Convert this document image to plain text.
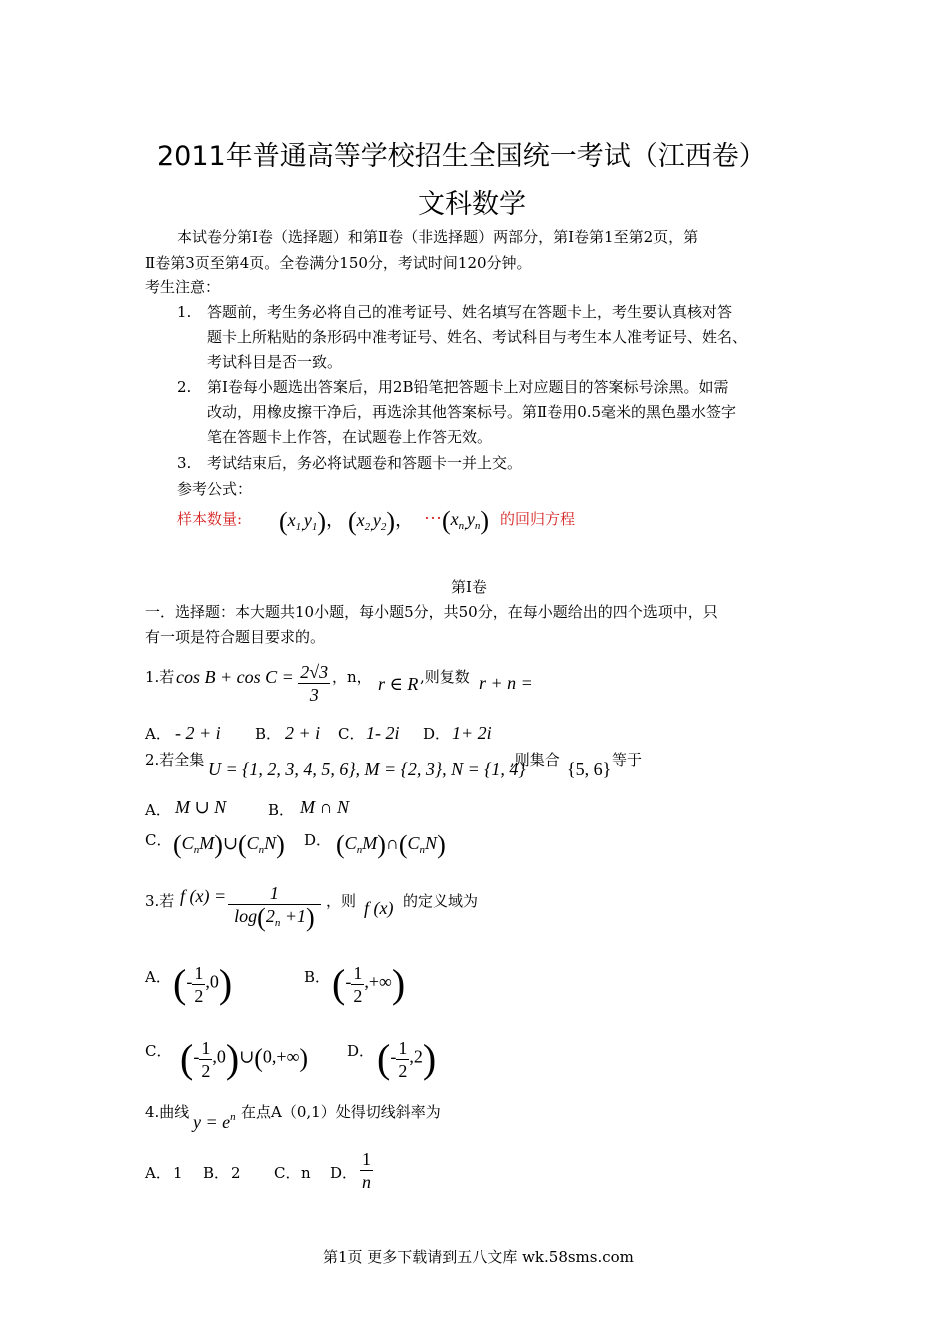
2011年普通高等学校招生全国统一考试（江西卷）
文科数学
本试卷分第Ⅰ卷（选择题）和第Ⅱ卷（非选择题）两部分，第Ⅰ卷第1至第2页，第
Ⅱ卷第3页至第4页。全卷满分150分，考试时间120分钟。
考生注意：
1. 答题前，考生务必将自己的准考证号、姓名填写在答题卡上，考生要认真核对答
题卡上所粘贴的条形码中准考证号、姓名、考试科目与考生本人准考证号、姓名、
考试科目是否一致。
2. 第Ⅰ卷每小题选出答案后，用2B铅笔把答题卡上对应题目的答案标号涂黑。如需
改动，用橡皮擦干净后，再选涂其他答案标号。第Ⅱ卷用0.5毫米的黑色墨水签字
笔在答题卡上作答，在试题卷上作答无效。
3. 考试结束后，务必将试题卷和答题卡一并上交。
参考公式：
样本数量: $(x_{1,}y_1)$， $(x_{2,}y_2)$， … $(x_{n,}y_n)$ 的回归方程
第Ⅰ卷
一．选择题：本大题共10小题，每小题5分，共50分，在每小题给出的四个选项中，只
有一项是符合题目要求的。
1.若 $\cos B + \cos C = \frac{2√3}{3}$ ，n， r ∈ R ,则复数 r + n =
A． - 2 + i B． 2 + i C． 1- 2i D． 1+ 2i
2.若全集 U = {1, 2, 3, 4, 5, 6}, M = {2, 3}, N = {1, 4}
,则集合 {5, 6} 等于
A． M ∪ N	B． M ∩ N
C． $(C_nM)\cup(C_nN)$ D． $(C_nM)\cap(C_nN)$
3.若 f $(x) = \frac{1}{\log(2_n +1)}$ ，则 f (x) 的定义域为
A． (- $\frac{1}{2} ,0$)	B． (- $\frac{1}{2}$ ,+∞)
C． (- $\frac{1}{2}$ ,0)∪(0,+∞)	D． (- $\frac{1}{2} ,2$)
4.曲线 $y = e^n$ 在点A（0,1）处得切线斜率为
A． 1 B． 2 C． n D． $\frac{1}{n}$
第1页 更多下载请到五八文库 wk.58sms.com
